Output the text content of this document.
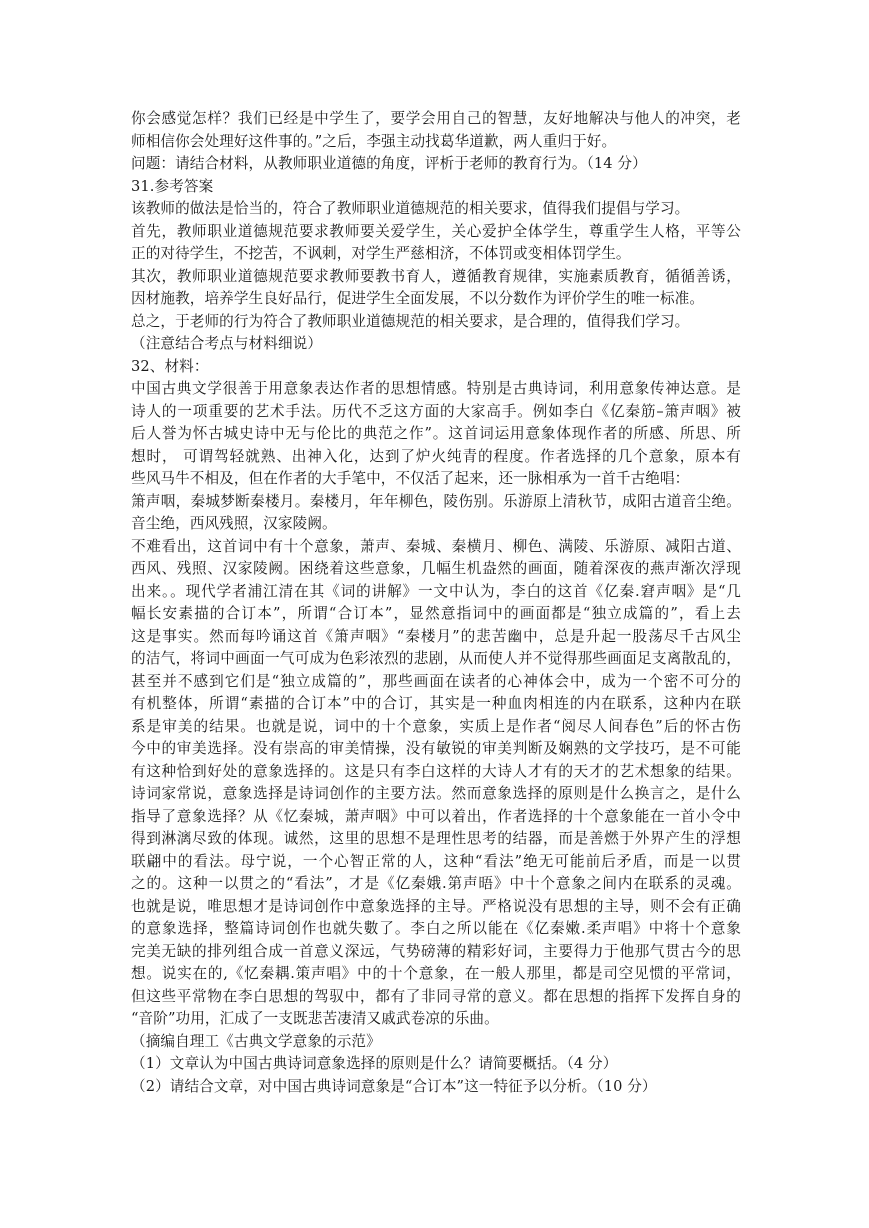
你会感觉怎样？我们已经是中学生了，要学会用自己的智慧，友好地解决与他人的冲突，老
师相信你会处理好这件事的。”之后，李强主动找葛华道歉，两人重归于好。
问题：请结合材料，从教师职业道德的角度，评析于老师的教育行为。（14 分）
31.参考答案
该教师的做法是恰当的，符合了教师职业道德规范的相关要求，值得我们提倡与学习。
首先，教师职业道德规范要求教师要关爱学生，关心爱护全体学生，尊重学生人格，平等公
正的对待学生，不挖苦，不讽刺，对学生严慈相济，不体罚或变相体罚学生。
其次，教师职业道德规范要求教师要教书育人，遵循教育规律，实施素质教育，循循善诱，
因材施教，培养学生良好品行，促进学生全面发展，不以分数作为评价学生的唯一标准。
总之，于老师的行为符合了教师职业道德规范的相关要求，是合理的，值得我们学习。
（注意结合考点与材料细说）
32、材料：
中国古典文学很善于用意象表达作者的思想情感。特别是古典诗词，利用意象传神达意。是
诗人的一项重要的艺术手法。历代不乏这方面的大家高手。例如李白《亿秦筋–箫声咽》被
后人誉为怀古城史诗中无与伦比的典范之作”。这首词运用意象体现作者的所感、所思、所
想时， 可谓驾轻就熟、出神入化，达到了炉火纯青的程度。作者选择的几个意象，原本有
些风马牛不相及，但在作者的大手笔中，不仅活了起来，还一脉相承为一首千古绝唱：
箫声咽，秦城梦断秦楼月。秦楼月，年年柳色，陵伤别。乐游原上清秋节，成阳古道音尘绝。
音尘绝，西风残照，汉家陵阙。
不难看出，这首词中有十个意象，萧声、秦城、秦横月、柳色、满陵、乐游原、减阳古道、
西风、残照、汉家陵阙。困绕着这些意象，几幅生机盎然的画面，随着深夜的燕声渐次浮现
出来。。现代学者浦江清在其《词的讲解》一文中认为，李白的这首《亿秦.窘声咽》是“几
幅长安素描的合订本”，所谓“合订本”，显然意指词中的画面都是“独立成篇的”，看上去
这是事实。然而每吟诵这首《箫声咽》“秦楼月”的悲苦幽中，总是升起一股荡尽千古风尘
的洁气，将词中画面一气可成为色彩浓烈的悲剧，从而使人并不觉得那些画面足支离散乱的，
甚至并不感到它们是“独立成篇的”，那些画面在读者的心神体会中，成为一个密不可分的
有机整体，所谓“素描的合订本”中的合订，其实是一种血肉相连的内在联系，这种内在联
系是审美的结果。也就是说，词中的十个意象，实质上是作者“阅尽人间春色”后的怀古伤
今中的审美选择。没有崇高的审美情操，没有敏锐的审美判断及娴熟的文学技巧，是不可能
有这种恰到好处的意象选择的。这是只有李白这样的大诗人才有的天才的艺术想象的结果。
诗词家常说，意象选择是诗词创作的主要方法。然而意象选择的原则是什么换言之，是什么
指导了意象选择？从《忆秦城，萧声咽》中可以着出，作者选择的十个意象能在一首小令中
得到淋漓尽致的体现。诚然，这里的思想不是理性思考的结器，而是善燃于外界产生的浮想
联翩中的看法。母宁说，一个心智正常的人，这种“看法”绝无可能前后矛盾，而是一以贯
之的。这种一以贯之的“看法”，才是《亿秦娥.第声晤》中十个意象之间内在联系的灵魂。
也就是说，唯思想才是诗词创作中意象选择的主导。严格说没有思想的主导，则不会有正确
的意象选择，整篇诗词创作也就失數了。李白之所以能在《亿秦嫩.柔声唱》中将十个意象
完美无缺的排列组合成一首意义深远，气势磅薄的精彩好词，主要得力于他那气贯古今的思
想。说实在的,《忆秦耦.策声唱》中的十个意象，在一般人那里，都是司空见惯的平常词，
但这些平常物在李白思想的驾驭中，都有了非同寻常的意义。都在思想的指挥下发挥自身的
“音阶”功用，汇成了一支既悲苦凄清又戚武卷凉的乐曲。
（摘编自理工《古典文学意象的示范》
（1）文章认为中国古典诗词意象选择的原则是什么？请简要概括。（4 分）
（2）请结合文章，对中国古典诗词意象是“合订本”这一特征予以分析。（10 分）
